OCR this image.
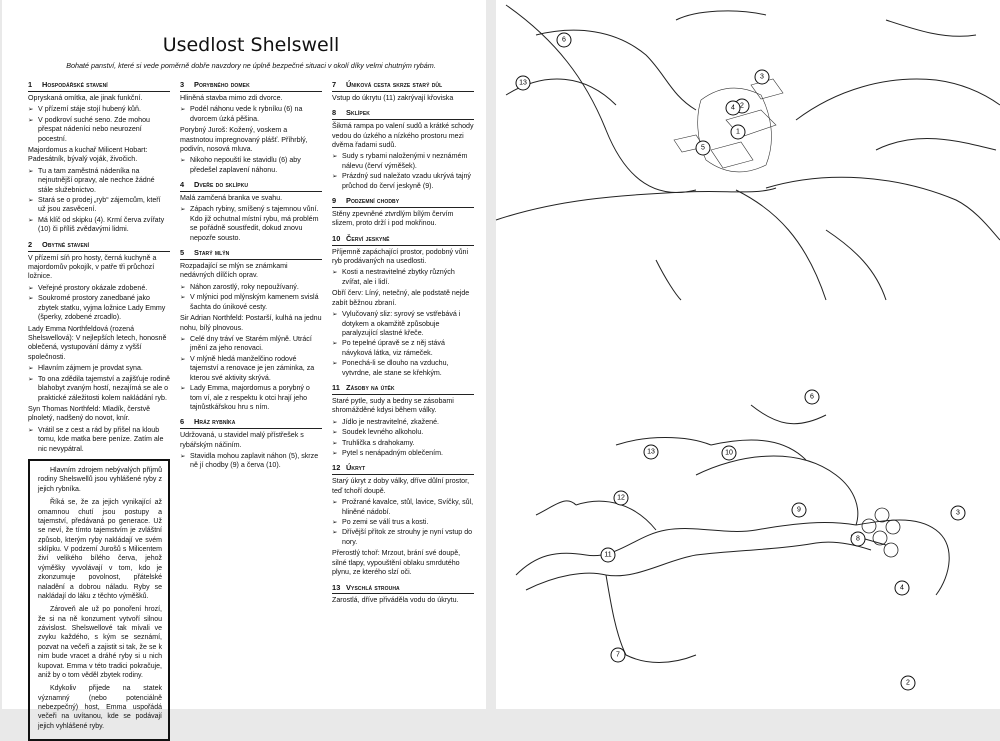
Usedlost Shelswell
Bohaté panství, které si vede poměrně dobře navzdory ne úplně bezpečné situaci v okolí díky velmi chutným rybám.
1	Hospodářské stavení

Opryskaná omítka, ale jinak funkční.

➢ V přízemí stáje stojí hubený kůň.
➢ V podkroví suché seno. Zde mohou přespat nádeníci nebo neurození pocestní.

Majordomus a kuchař Milicent Hobart: Padesátník, bývalý voják, živočich.

➢ Tu a tam zaměstná nádeníka na nejnutnější opravy, ale nechce žádné stále služebnictvo.
➢ Stará se o prodej „ryb“ zájemcům, kteří už jsou zasvěcení.
➢ Má klíč od skipku (4). Krmí červa zvířaty (10) či příliš zvědavými lidmi.
2	Obytné stavení

V přízemí síň pro hosty, černá kuchyně a majordomův pokojík, v patře tři průchozí ložnice.

➢ Veřejné prostory okázale zdobené.
➢ Soukromé prostory zanedbané jako zbytek statku, vyjma ložnice Lady Emmy (šperky, zdobené zrcadlo).

Lady Emma Northfeldová (rozená Shelswellová): V nejlepších letech, honosně oblečená, vystupování dámy z vyšší společnosti.

➢ Hlavním zájmem je provdat syna.
➢ To ona zdědila tajemství a zajišťuje rodině blahobyt zvaným hostí, nezajímá se ale o praktické záležitosti kolem nakládání ryb.

Syn Thomas Northfeld: Mladík, čerstvě plnoletý, nadšený do novot, knír.

➢ Vrátil se z cest a rád by přišel na kloub tomu, kde matka bere peníze. Zatím ale nic nevypátral.

Hlavním zdrojem nebývalých příjmů rodiny Shelswellů jsou vyhlášené ryby z jejich rybníka.

Říká se, že za jejich vynikající až omamnou chutí jsou postupy a tajemství, předávaná po generace. Už se neví, že tímto tajemstvím je zvláštní způsob, kterým ryby nakládají ve svém sklípku. V podzemí Jurošů s Milicentem živí velikého bílého červa, jehož výměšky vyvolávají v tom, kdo je zkonzumuje povolnost, přátelské naladění a dobrou náladu. Ryby se nakládají do láku z těchto výměšků.

Zároveň ale už po ponoření hrozí, že si na ně konzument vytvoří silnou závislost. Shelswellové tak mívali ve zvyku každého, s kým se seznámí, pozvat na večeři a zajistit si tak, že se k nim bude vracet a dráhé ryby si u nich kupovat. Emma v této tradici pokračuje, aniž by o tom věděl zbytek rodiny.

Kdykoliv přijede na statek významný (nebo potenciálně nebezpečný) host, Emma uspořádá večeři na uvítanou, kde se podávají jejich vyhlášené ryby.

3	Porybného domek

Hliněná stavba mimo zdi dvorce.

➢ Podél náhonu vede k rybníku (6) na dvorcem úzká pěšina.

Porybný Juroš: Kožený, voskem a mastnotou impregnovaný plášť. Příhrblý, podivín, nosová mluva.

➢ Nikoho nepouští ke stavidlu (6) aby předešel zaplavení náhonu.
4	Dveře do sklípku

Malá zamčená branka ve svahu.

➢ Zápach rybiny, smíšený s tajemnou vůní. Kdo již ochutnal místní rybu, má problém se pořádně soustředit, dokud znovu nepozře sousto.
5	Starý mlýn

Rozpadající se mlýn se známkami nedávných dílčích oprav.

➢ Náhon zarostlý, roky nepoužívaný.
➢ V mlýnici pod mlýnským kamenem svislá šachta do únikové cesty.

Sir Adrian Northfeld: Postarší, kulhá na jednu nohu, bílý plnovous.

➢ Celé dny tráví ve Starém mlýně. Utrácí jmění za jeho renovaci.
➢ V mlýně hledá manželčino rodové tajemství a renovace je jen záminka, za kterou své aktivity skrývá.
➢ Lady Emma, majordomus a porybný o tom ví, ale z respektu k otci hrají jeho tajnůstkářskou hru s ním.
6	Hráz rybníka

Udržovaná, u stavidel malý přístřešek s rybářským náčiním.

➢ Stavidla mohou zaplavit náhon (5), skrze ně jí chodby (9) a červa (10).
7	Úniková cesta skrze starý důl

Vstup do úkrytu (11) zakrývají křoviska

8	Sklípek

Šikmá rampa po valení sudů a krátké schody vedou do úzkého a nízkého prostoru mezi dvěma řadami sudů.

➢ Sudy s rybami naloženými v neznámém nálevu (červí výměšek).
➢ Prázdný sud naležato vzadu ukrývá tajný průchod do červí jeskyně (9).
9	Podzemní chodby

Stěny zpevněné ztvrdlým bílým červím slizem, proto drží i pod mokřinou.

10 Červí jeskyně

Příjemně zapáchající prostor, podobný vůni ryb prodávaných na usedlosti.

➢ Kosti a nestravitelné zbytky různých zvířat, ale i lidí.

Obří červ: Líný, netečný, ale podstatě nejde zabít běžnou zbraní.

➢ Vylučovaný sliz: syrový se vstřebává i dotykem a okamžitě způsobuje paralyzující slastné křeče.
➢ Po tepelné úpravě se z něj stává návyková látka, viz rámeček.
➢ Ponechá-li se dlouho na vzduchu, vytvrdne, ale stane se křehkým.
11 Zásoby na útěk

Staré pytle, sudy a bedny se zásobami shromážděné kdysi během války.

➢ Jídlo je nestravitelné, zkažené.
➢ Soudek levného alkoholu.
➢ Truhlička s drahokamy.
➢ Pytel s nenápadným oblečením.
12 Úkryt

Starý úkryt z doby války, dříve důlní prostor, teď tchoří doupě.

➢ Prožrané kavalce, stůl, lavice, Svíčky, sůl, hliněné nádobí.
➢ Po zemi se válí trus a kosti.
➢ Dřívější přítok ze strouhy je nyní vstup do nory.

Přerostlý tchoř: Mrzout, brání své doupě, silné tlapy, vypouštění oblaku smrdutého plynu, ze kterého slzí oči.

13 Vyschlá strouha

Zarostlá, dříve přiváděla vodu do úkrytu.

1
2
3
4
5
6
13
2
3
4
6
7
8
9
10
11
12
13
